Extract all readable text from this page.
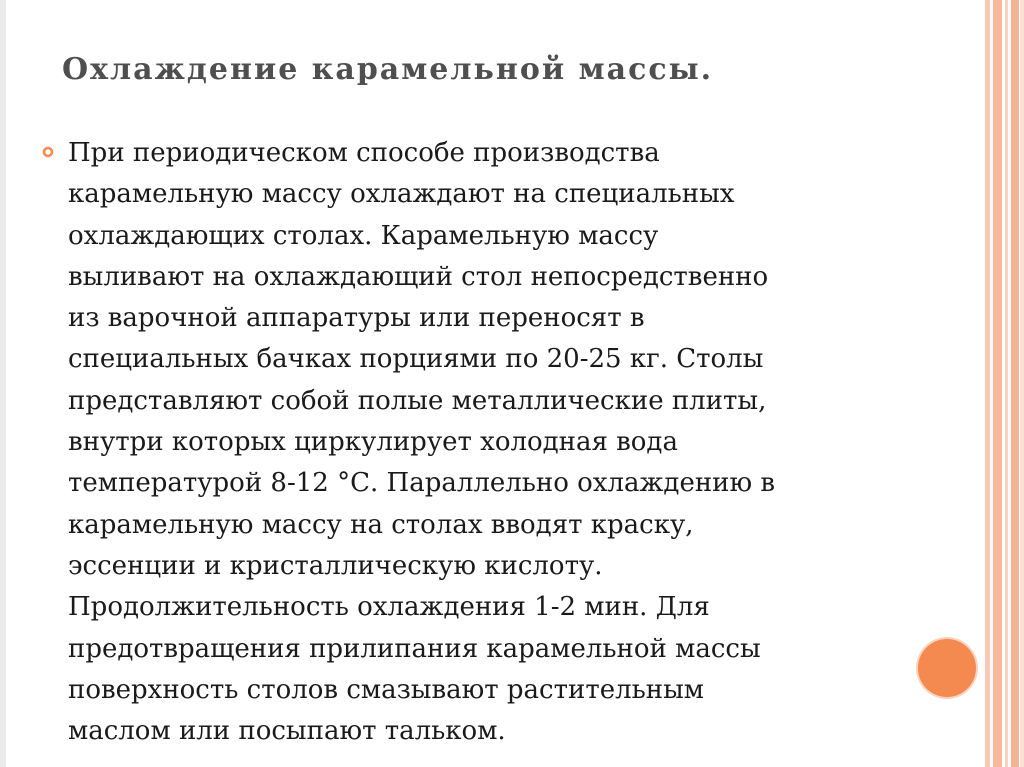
Охлаждение карамельной массы.

При периодическом способе производства
карамельную массу охлаждают на специальных
охлаждающих столах. Карамельную массу
выливают на охлаждающий стол непосредственно
из варочной аппаратуры или переносят в
специальных бачках порциями по 20-25 кг. Столы
представляют собой полые металлические плиты,
внутри которых циркулирует холодная вода
температурой 8-12 °С. Параллельно охлаждению в
карамельную массу на столах вводят краску,
эссенции и кристаллическую кислоту.
Продолжительность охлаждения 1-2 мин. Для
предотвращения прилипания карамельной массы
поверхность столов смазывают растительным
маслом или посыпают тальком.
